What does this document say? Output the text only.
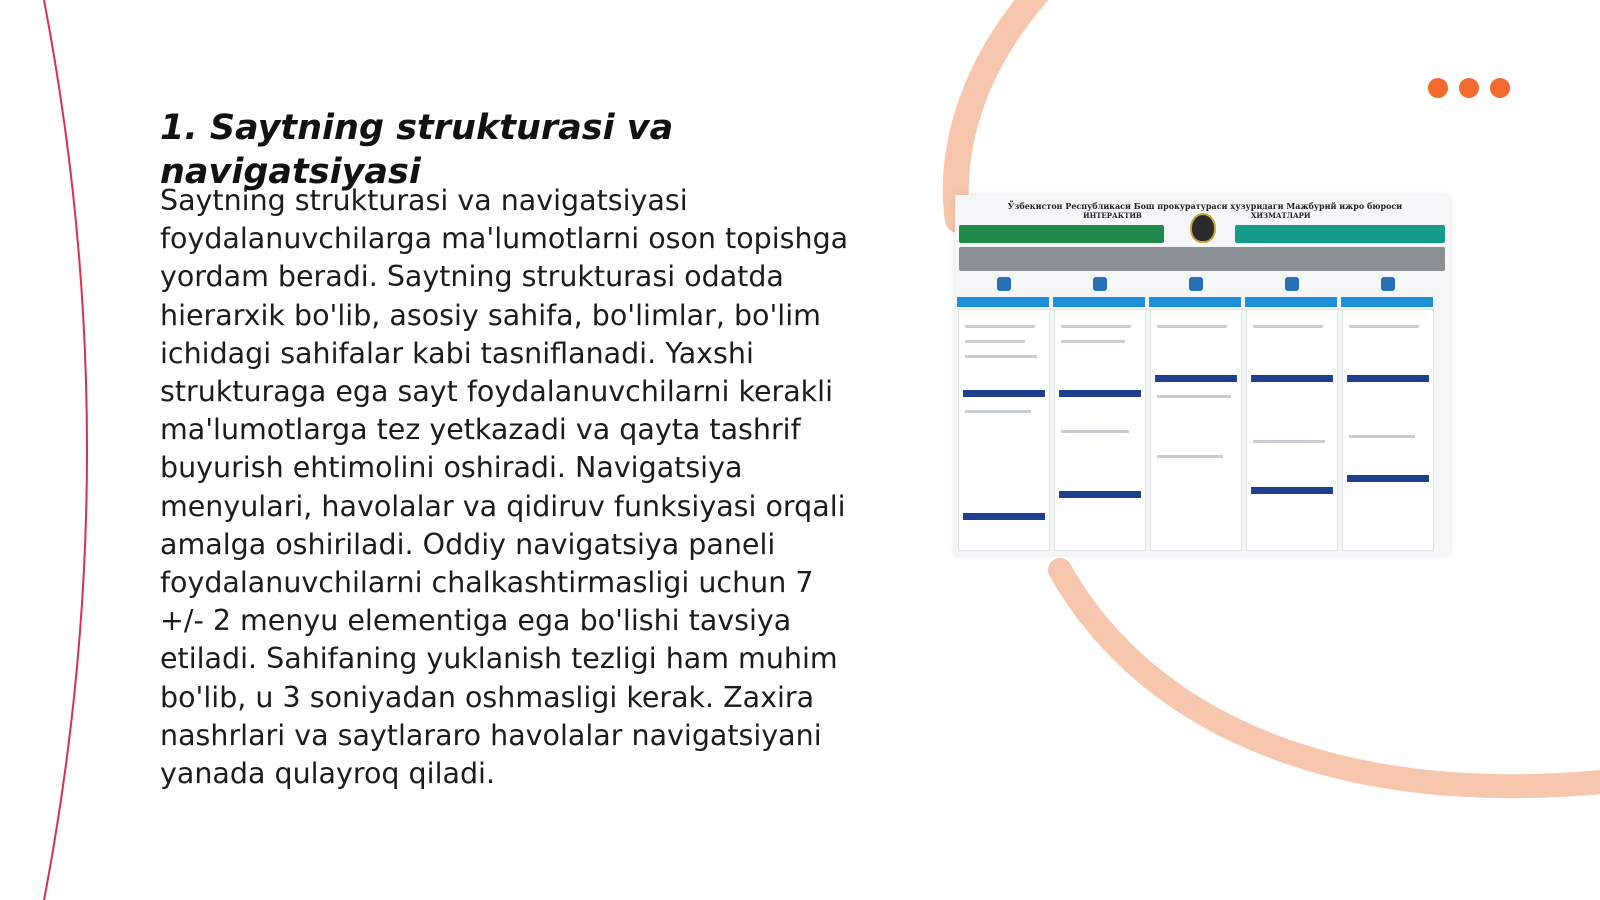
1. Saytning strukturasi va navigatsiyasi

Saytning strukturasi va navigatsiyasi foydalanuvchilarga ma'lumotlarni oson topishga yordam beradi. Saytning strukturasi odatda hierarxik bo'lib, asosiy sahifa, bo'limlar, bo'lim ichidagi sahifalar kabi tasniflanadi. Yaxshi strukturaga ega sayt foydalanuvchilarni kerakli ma'lumotlarga tez yetkazadi va qayta tashrif buyurish ehtimolini oshiradi. Navigatsiya menyulari, havolalar va qidiruv funksiyasi orqali amalga oshiriladi. Oddiy navigatsiya paneli foydalanuvchilarni chalkashtirmasligi uchun 7 +/- 2 menyu elementiga ega bo'lishi tavsiya etiladi. Sahifaning yuklanish tezligi ham muhim bo'lib, u 3 soniyadan oshmasligi kerak. Zaxira nashrlari va saytlararo havolalar navigatsiyani yanada qulayroq qiladi.

Ўзбекистон Республикаси Бош прокуратураси ҳузуридаги Мажбурий ижро бюроси
ИНТЕРАКТИВ	ХИЗМАТЛАРИ
